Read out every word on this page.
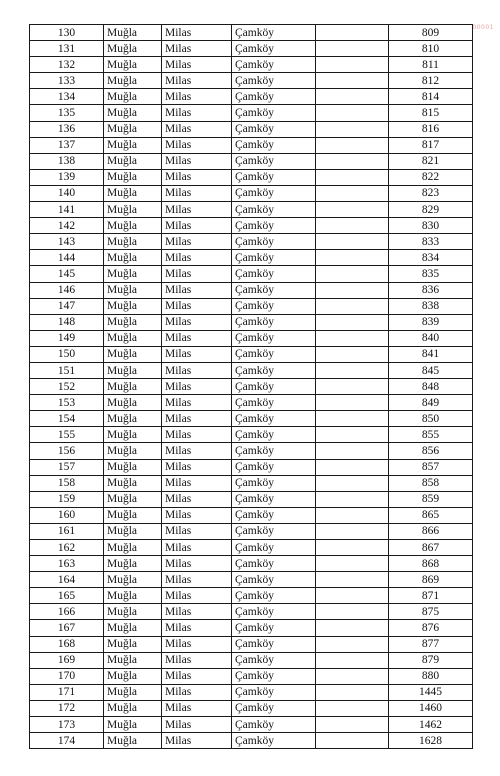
00001
130	Muğla	Milas	Çamköy		809
131	Muğla	Milas	Çamköy		810
132	Muğla	Milas	Çamköy		811
133	Muğla	Milas	Çamköy		812
134	Muğla	Milas	Çamköy		814
135	Muğla	Milas	Çamköy		815
136	Muğla	Milas	Çamköy		816
137	Muğla	Milas	Çamköy		817
138	Muğla	Milas	Çamköy		821
139	Muğla	Milas	Çamköy		822
140	Muğla	Milas	Çamköy		823
141	Muğla	Milas	Çamköy		829
142	Muğla	Milas	Çamköy		830
143	Muğla	Milas	Çamköy		833
144	Muğla	Milas	Çamköy		834
145	Muğla	Milas	Çamköy		835
146	Muğla	Milas	Çamköy		836
147	Muğla	Milas	Çamköy		838
148	Muğla	Milas	Çamköy		839
149	Muğla	Milas	Çamköy		840
150	Muğla	Milas	Çamköy		841
151	Muğla	Milas	Çamköy		845
152	Muğla	Milas	Çamköy		848
153	Muğla	Milas	Çamköy		849
154	Muğla	Milas	Çamköy		850
155	Muğla	Milas	Çamköy		855
156	Muğla	Milas	Çamköy		856
157	Muğla	Milas	Çamköy		857
158	Muğla	Milas	Çamköy		858
159	Muğla	Milas	Çamköy		859
160	Muğla	Milas	Çamköy		865
161	Muğla	Milas	Çamköy		866
162	Muğla	Milas	Çamköy		867
163	Muğla	Milas	Çamköy		868
164	Muğla	Milas	Çamköy		869
165	Muğla	Milas	Çamköy		871
166	Muğla	Milas	Çamköy		875
167	Muğla	Milas	Çamköy		876
168	Muğla	Milas	Çamköy		877
169	Muğla	Milas	Çamköy		879
170	Muğla	Milas	Çamköy		880
171	Muğla	Milas	Çamköy		1445
172	Muğla	Milas	Çamköy		1460
173	Muğla	Milas	Çamköy		1462
174	Muğla	Milas	Çamköy		1628
